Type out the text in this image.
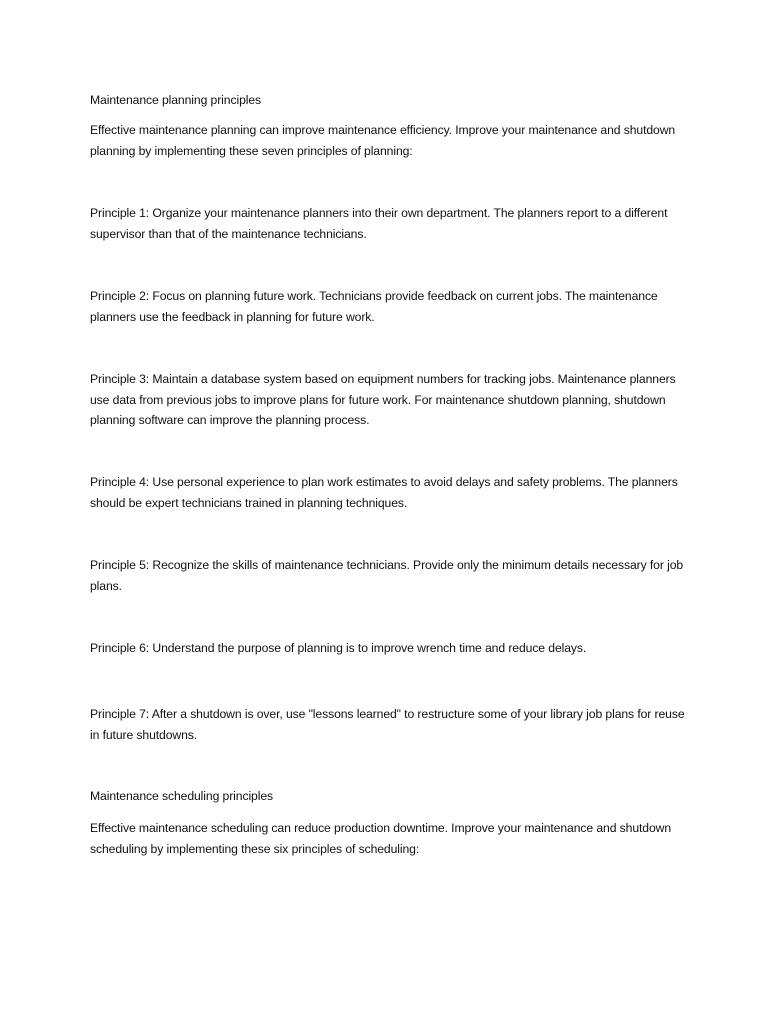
Maintenance planning principles

Effective maintenance planning can improve maintenance efficiency. Improve your maintenance and shutdown planning by implementing these seven principles of planning:

Principle 1: Organize your maintenance planners into their own department. The planners report to a different supervisor than that of the maintenance technicians.

Principle 2: Focus on planning future work. Technicians provide feedback on current jobs. The maintenance planners use the feedback in planning for future work.

Principle 3: Maintain a database system based on equipment numbers for tracking jobs. Maintenance planners use data from previous jobs to improve plans for future work. For maintenance shutdown planning, shutdown planning software can improve the planning process.

Principle 4: Use personal experience to plan work estimates to avoid delays and safety problems. The planners should be expert technicians trained in planning techniques.

Principle 5: Recognize the skills of maintenance technicians. Provide only the minimum details necessary for job plans.

Principle 6: Understand the purpose of planning is to improve wrench time and reduce delays.

Principle 7: After a shutdown is over, use "lessons learned" to restructure some of your library job plans for reuse in future shutdowns.

Maintenance scheduling principles

Effective maintenance scheduling can reduce production downtime. Improve your maintenance and shutdown scheduling by implementing these six principles of scheduling:
